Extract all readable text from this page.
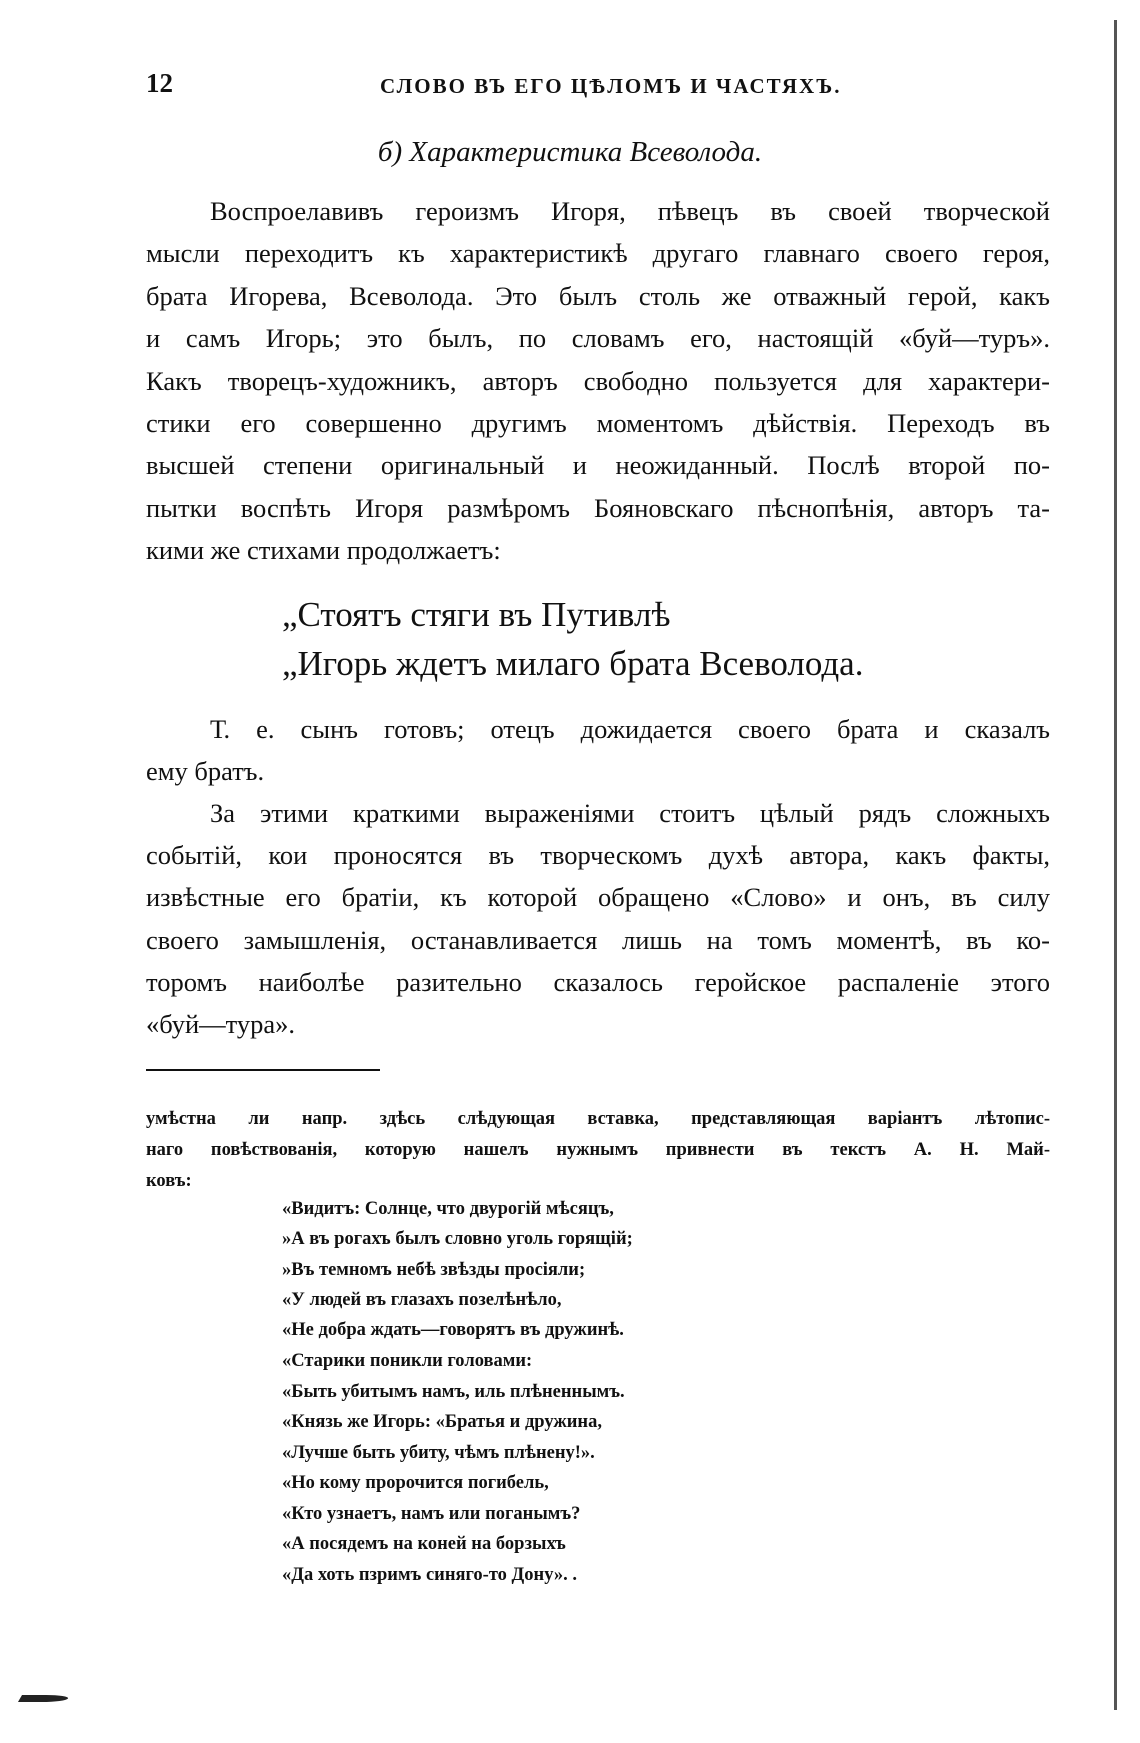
12	СЛОВО ВЪ ЕГО ЦѢЛОМЪ И ЧАСТЯХЪ.
б) Характеристика Всеволода.
Воспроелавивъ героизмъ Игоря, пѣвецъ въ своей творческой
мысли переходитъ къ характеристикѣ другаго главнаго своего героя,
брата Игорева, Всеволода. Это былъ столь же отважный герой, какъ
и самъ Игорь; это былъ, по словамъ его, настоящій «буй—туръ».
Какъ творецъ-художникъ, авторъ свободно пользуется для характери-
стики его совершенно другимъ моментомъ дѣйствія. Переходъ въ
высшей степени оригинальный и неожиданный. Послѣ второй по-
пытки воспѣть Игоря размѣромъ Бояновскаго пѣснопѣнія, авторъ та-
кими же стихами продолжаетъ:
„Стоятъ стяги въ Путивлѣ
„Игорь ждетъ милаго брата Всеволода.
Т. е. сынъ готовъ; отецъ дожидается своего брата и сказалъ
ему братъ.
За этими краткими выраженіями стоитъ цѣлый рядъ сложныхъ
событій, кои проносятся въ творческомъ духѣ автора, какъ факты,
извѣстные его братіи, къ которой обращено «Слово» и онъ, въ силу
своего замышленія, останавливается лишь на томъ моментѣ, въ ко-
торомъ наиболѣе разительно сказалось геройское распаленіе этого
«буй—тура».
умѣстна ли напр. здѣсь слѣдующая вставка, представляющая варіантъ лѣтопис-
наго повѣствованія, которую нашелъ нужнымъ привнести въ текстъ А. Н. Май-
ковъ:
«Видитъ: Солнце, что двурогій мѣсяцъ,
»А въ рогахъ былъ словно уголь горящій;
»Въ темномъ небѣ звѣзды просіяли;
«У людей въ глазахъ позелѣнѣло,
«Не добра ждать—говорятъ въ дружинѣ.
«Старики поникли головами:
«Быть убитымъ намъ, иль плѣненнымъ.
«Князь же Игорь: «Братья и дружина,
«Лучше быть убиту, чѣмъ плѣнену!».
«Но кому пророчится погибель,
«Кто узнаетъ, намъ или поганымъ?
«А посядемъ на коней на борзыхъ
«Да хоть пзримъ синяго-то Дону». .
